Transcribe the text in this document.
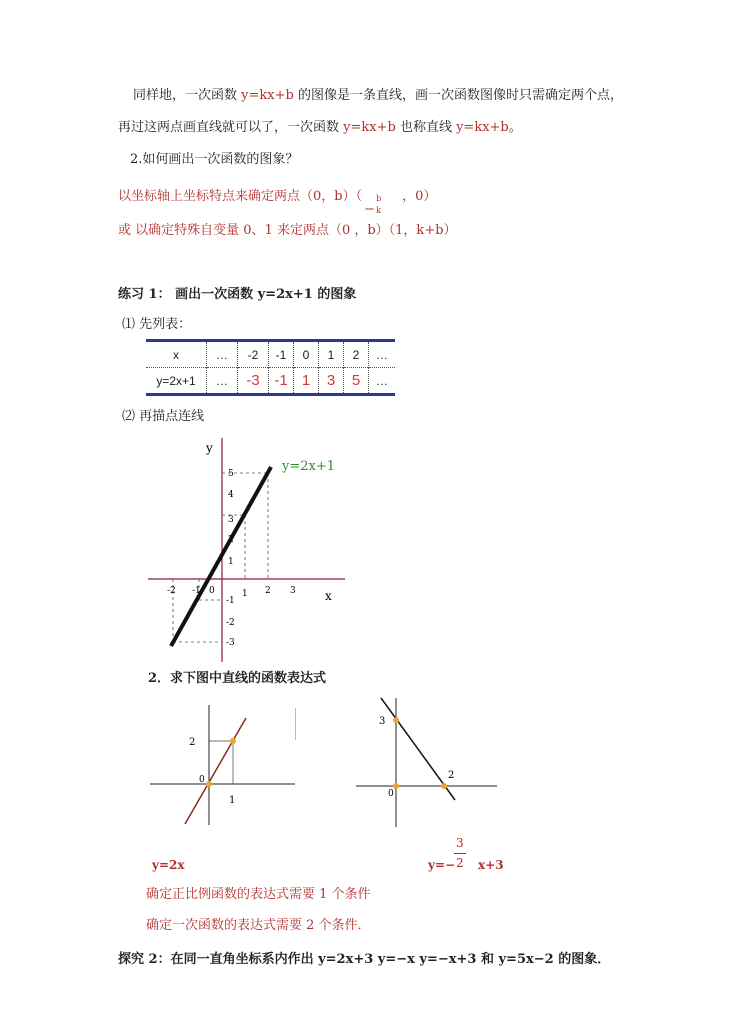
同样地，一次函数 y=kx+b 的图像是一条直线，画一次函数图像时只需确定两个点，
再过这两点画直线就可以了，一次函数 y=kx+b 也称直线 y=kx+b。
2.如何画出一次函数的图象？
以坐标轴上坐标特点来确定两点（0，b）（
−
b
k
，0）
或 以确定特殊自变量 0、1 来定两点（0 ，b）（1，k+b）
练习 1： 画出一次函数 y=2x+1 的图象
⑴ 先列表：
x	…	-2	-1	0	1	2	…
y=2x+1	…	-3	-1	1	3	5	…
⑵ 再描点连线
y=2x+1
x
y
-2 -1 0	1 2 3
5
4
3
2
1
-1
-2
-3
2．求下图中直线的函数表达式
2
1
0
3
2
0
y=2x	y=−
3
2 x+3
确定正比例函数的表达式需要 1 个条件
确定一次函数的表达式需要 2 个条件．
探究 2：在同一直角坐标系内作出 y=2x+3 y=−x y=−x+3 和 y=5x−2 的图象．
